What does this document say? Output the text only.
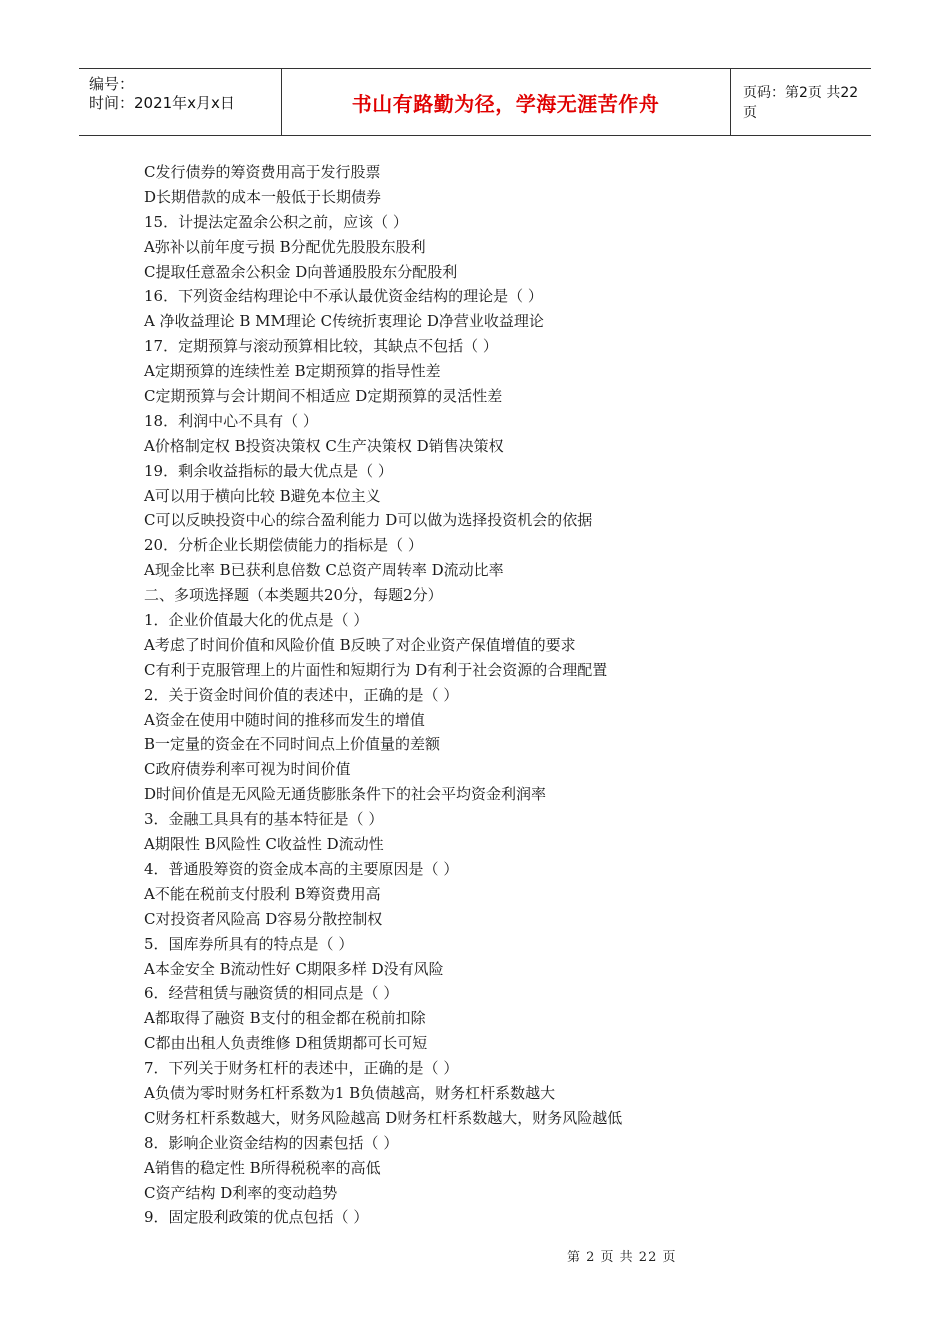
编号：
时间：2021年x月x日	书山有路勤为径，学海无涯苦作舟	页码：第2页 共22页
C发行债券的筹资费用高于发行股票
D长期借款的成本一般低于长期债券
15．计提法定盈余公积之前，应该（ ）
A弥补以前年度亏损 B分配优先股股东股利
C提取任意盈余公积金 D向普通股股东分配股利
16．下列资金结构理论中不承认最优资金结构的理论是（ ）
A 净收益理论 B MM理论 C传统折衷理论 D净营业收益理论
17．定期预算与滚动预算相比较，其缺点不包括（ ）
A定期预算的连续性差 B定期预算的指导性差
C定期预算与会计期间不相适应 D定期预算的灵活性差
18．利润中心不具有（ ）
A价格制定权 B投资决策权 C生产决策权 D销售决策权
19．剩余收益指标的最大优点是（ ）
A可以用于横向比较 B避免本位主义
C可以反映投资中心的综合盈利能力 D可以做为选择投资机会的依据
20．分析企业长期偿债能力的指标是（ ）
A现金比率 B已获利息倍数 C总资产周转率 D流动比率
二、多项选择题（本类题共20分，每题2分）
1．企业价值最大化的优点是（ ）
A考虑了时间价值和风险价值 B反映了对企业资产保值增值的要求
C有利于克服管理上的片面性和短期行为 D有利于社会资源的合理配置
2．关于资金时间价值的表述中，正确的是（ ）
A资金在使用中随时间的推移而发生的增值
B一定量的资金在不同时间点上价值量的差额
C政府债券利率可视为时间价值
D时间价值是无风险无通货膨胀条件下的社会平均资金利润率
3．金融工具具有的基本特征是（ ）
A期限性 B风险性 C收益性 D流动性
4．普通股筹资的资金成本高的主要原因是（ ）
A不能在税前支付股利 B筹资费用高
C对投资者风险高 D容易分散控制权
5．国库券所具有的特点是（ ）
A本金安全 B流动性好 C期限多样 D没有风险
6．经营租赁与融资赁的相同点是（ ）
A都取得了融资 B支付的租金都在税前扣除
C都由出租人负责维修 D租赁期都可长可短
7．下列关于财务杠杆的表述中，正确的是（ ）
A负债为零时财务杠杆系数为1 B负债越高，财务杠杆系数越大
C财务杠杆系数越大，财务风险越高 D财务杠杆系数越大，财务风险越低
8．影响企业资金结构的因素包括（ ）
A销售的稳定性 B所得税税率的高低
C资产结构 D利率的变动趋势
9．固定股利政策的优点包括（ ）
第 2 页 共 22 页
